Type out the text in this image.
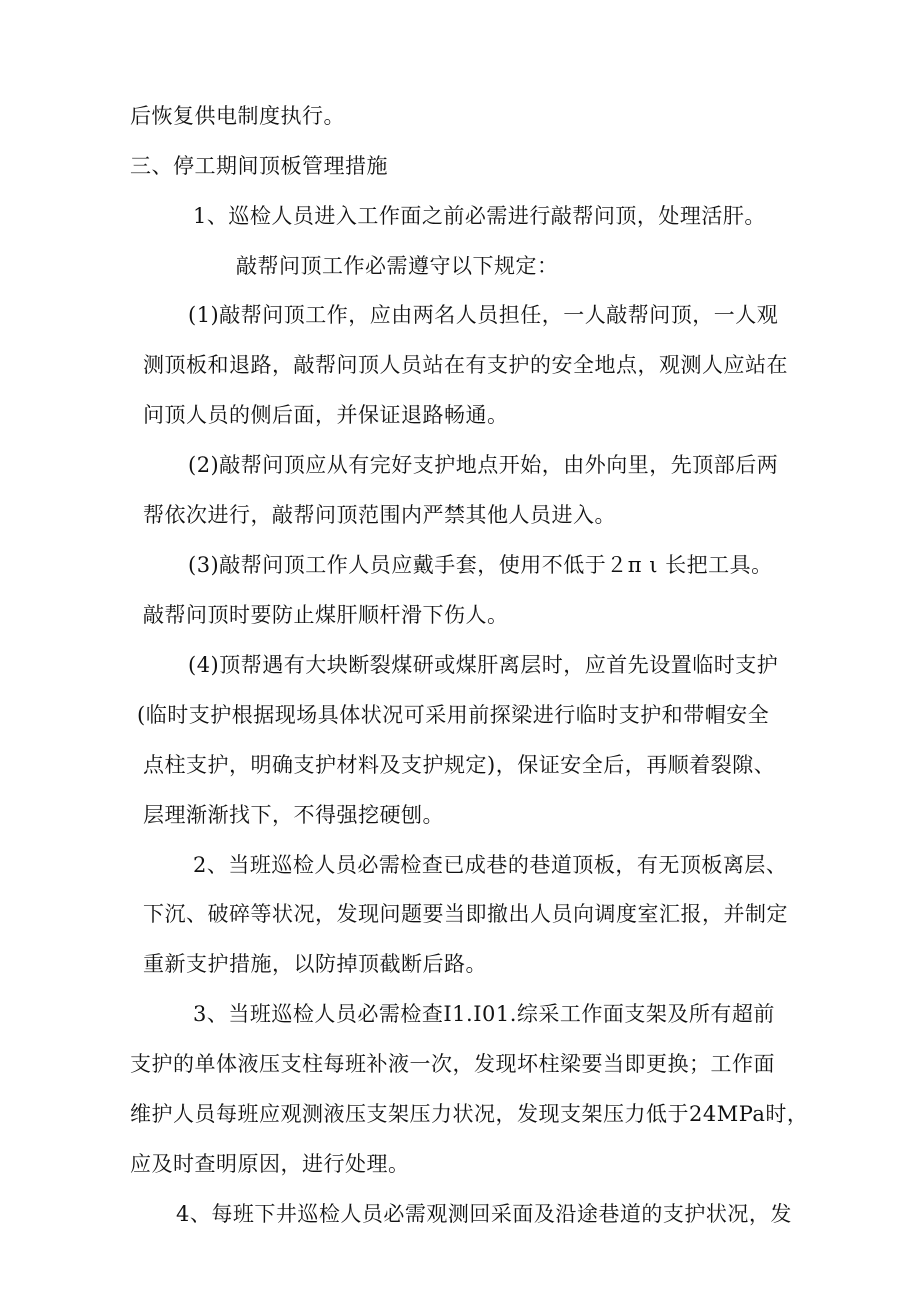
后恢复供电制度执行。
三、停工期间顶板管理措施
1、巡检人员进入工作面之前必需进行敲帮问顶，处理活肝。
敲帮问顶工作必需遵守以下规定：
(1)敲帮问顶工作，应由两名人员担任，一人敲帮问顶，一人观
测顶板和退路，敲帮问顶人员站在有支护的安全地点，观测人应站在
问顶人员的侧后面，并保证退路畅通。
(2)敲帮问顶应从有完好支护地点开始，由外向里，先顶部后两
帮依次进行，敲帮问顶范围内严禁其他人员进入。
(3)敲帮问顶工作人员应戴手套，使用不低于２π ι 长把工具。
敲帮问顶时要防止煤肝顺杆滑下伤人。
(4)顶帮遇有大块断裂煤研或煤肝离层时，应首先设置临时支护
(临时支护根据现场具体状况可采用前探梁进行临时支护和带帽安全
点柱支护，明确支护材料及支护规定)，保证安全后，再顺着裂隙、
层理渐渐找下，不得强挖硬刨。
2、当班巡检人员必需检查已成巷的巷道顶板，有无顶板离层、
下沉、破碎等状况，发现问题要当即撤出人员向调度室汇报，并制定
重新支护措施，以防掉顶截断后路。
3、当班巡检人员必需检查I1.I01.综采工作面支架及所有超前
支护的单体液压支柱每班补液一次，发现坏柱梁要当即更换；工作面
维护人员每班应观测液压支架压力状况，发现支架压力低于24MPa时，
应及时查明原因，进行处理。
4、每班下井巡检人员必需观测回采面及沿途巷道的支护状况，发
